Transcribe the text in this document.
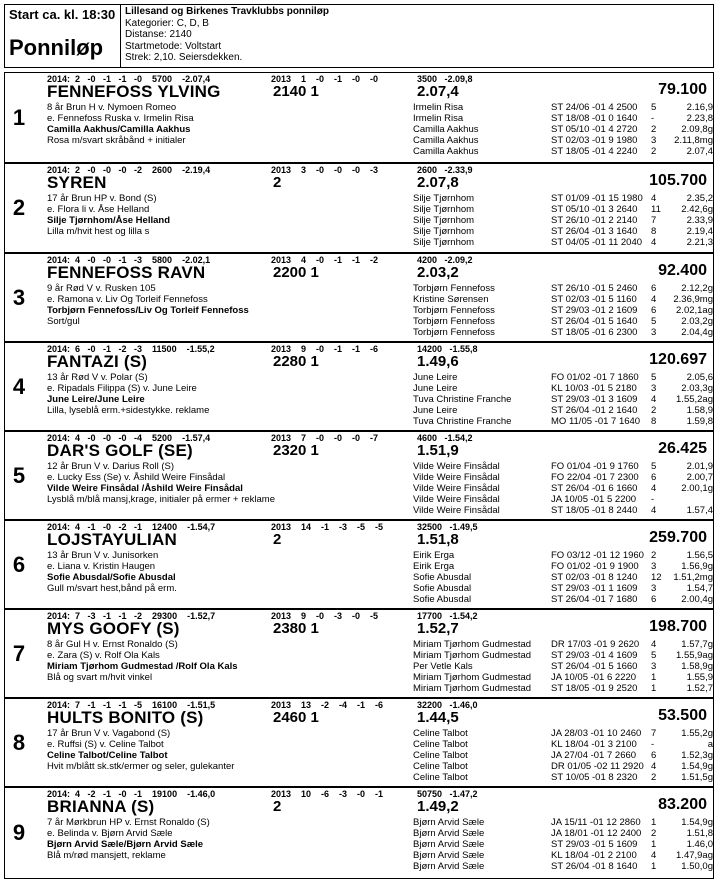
Start ca. kl. 18:30
Ponniløp
Lillesand og Birkenes Travklubbs ponniløp
Kategorier: C, D, B
Distanse: 2140
Startmetode: Voltstart
Strek: 2,10. Seiersdekken.
1
2014:  2   -0   -1   -1   -0    5700    -2.07,4	2013    1    -0    -1    -0    -0	3500   -2.09,8
FENNEFOSS YLVING	2140 1	2.07,4	79.100
8 år Brun H v. Nymoen Romeo
e. Fennefoss Ruska v. Irmelin Risa
Camilla Aakhus/Camilla Aakhus
Rosa m/svart skråbånd + initialer
Irmelin Risa	ST 24/06 -01 4 2500 5	2.16,9
Irmelin Risa	ST 18/08 -01 0 1640 -	2.23,8
Camilla Aakhus	ST 05/10 -01 4 2720 2	2.09,8g
Camilla Aakhus	ST 02/03 -01 9 1980 3 2.11,8mg
Camilla Aakhus	ST 18/05 -01 4 2240 2	2.07,4
2
2014:  2   -0   -0   -0   -2    2600    -2.19,4	2013    3    -0    -0    -0    -3	2600   -2.33,9
SYREN	2	2.07,8	105.700
17 år Brun HP v. Bond (S)
e. Flora li v. Åse Helland
Silje Tjørnhom/Åse Helland
Lilla m/hvit hest og lilla s
Silje Tjørnhom	ST 01/09 -01 15 1980 4	2.35,2
Silje Tjørnhom	ST 05/10 -01 3 2640 11 2.42,6g
Silje Tjørnhom	ST 26/10 -01 2 2140 7	2.33,9
Silje Tjørnhom	ST 26/04 -01 3 1640 8	2.19,4
Silje Tjørnhom	ST 04/05 -01 11 2040 4	2.21,3
3
2014:  4   -0   -0   -1   -3    5800    -2.02,1	2013    4    -0    -1    -1    -2	4200   -2.09,2
FENNEFOSS RAVN	2200 1	2.03,2	92.400
9 år Rød V v. Rusken 105
e. Ramona v. Liv Og Torleif Fennefoss
Torbjørn Fennefoss/Liv Og Torleif Fennefoss
Sort/gul
Torbjørn Fennefoss	ST 26/10 -01 5 2460 6	2.12,2g
Kristine Sørensen	ST 02/03 -01 5 1160 4 2.36,9mg
Torbjørn Fennefoss	ST 29/03 -01 2 1609 6 2.02,1ag
Torbjørn Fennefoss	ST 26/04 -01 5 1640 5	2.03,2g
Torbjørn Fennefoss	ST 18/05 -01 6 2300 3	2.04,4g
4
2014:  6   -0   -1   -2   -3    11500    -1.55,2	2013    9    -0    -1    -1    -6	14200   -1.55,8
FANTAZI (S)	2280 1	1.49,6	120.697
13 år Rød V v. Polar (S)
e. Ripadals Filippa (S) v. June Leire
June Leire/June Leire
Lilla, lyseblå erm.+sidestykke. reklame
June Leire	FO 01/02 -01 7 1860 5	2.05,6
June Leire	KL 10/03 -01 5 2180 3	2.03,3g
Tuva Christine Franche	ST 29/03 -01 3 1609 4 1.55,2ag
June Leire	ST 26/04 -01 2 1640 2	1.58,9
Tuva Christine Franche	MO 11/05 -01 7 1640 8	1.59,8
5
2014:  4   -0   -0   -0   -4    5200    -1.57,4	2013    7    -0    -0    -0    -7	4600   -1.54,2
DAR'S GOLF (SE)	2320 1	1.51,9	26.425
12 år Brun V v. Darius Roll (S)
e. Lucky Ess (Se) v. Åshild Weire Finsådal
Vilde Weire Finsådal /Åshild Weire Finsådal
Lysblå m/blå mansj,krage, initialer på ermer + reklame
Vilde Weire Finsådal	FO 01/04 -01 9 1760 5	2.01,9
Vilde Weire Finsådal	FO 22/04 -01 7 2300 6	2.00,7
Vilde Weire Finsådal	ST 26/04 -01 6 1660 4	2.00,1g
Vilde Weire Finsådal	JA 10/05 -01 5 2200 -
Vilde Weire Finsådal	ST 18/05 -01 8 2440 4	1.57,4
6
2014:  4   -1   -0   -2   -1    12400    -1.54,7	2013    14    -1    -3    -5    -5	32500   -1.49,5
LOJSTAYULIAN	2	1.51,8	259.700
13 år Brun V v. Junisorken
e. Liana v. Kristin Haugen
Sofie Abusdal/Sofie Abusdal
Gull m/svart hest,bånd på erm.
Eirik Erga	FO 03/12 -01 12 1960 2	1.56,5
Eirik Erga	FO 01/02 -01 9 1900 3	1.56,9g
Sofie Abusdal	ST 02/03 -01 8 1240 12 1.51,2mg
Sofie Abusdal	ST 29/03 -01 1 1609 3	1.54,7
Sofie Abusdal	ST 26/04 -01 7 1680 6	2.00,4g
7
2014:  7   -3   -1   -1   -2    29300    -1.52,7	2013    9    -0    -3    -0    -5	17700   -1.54,2
MYS GOOFY (S)	2380 1	1.52,7	198.700
8 år Gul H v. Ernst Ronaldo (S)
e. Zara (S) v. Rolf Ola Kals
Miriam Tjørhom Gudmestad /Rolf Ola Kals
Blå og svart m/hvit vinkel
Miriam Tjørhom Gudmestad DR 17/03 -01 9 2620 4	1.57,7g
Miriam Tjørhom Gudmestad ST 29/03 -01 4 1609 5 1.55,9ag
Per Vetle Kals	ST 26/04 -01 5 1660 3	1.58,9g
Miriam Tjørhom Gudmestad JA 10/05 -01 6 2220 1	1.55,9
Miriam Tjørhom Gudmestad ST 18/05 -01 9 2520 1	1.52,7
8
2014:  7   -1   -1   -1   -5    16100    -1.51,5	2013    13    -2    -4    -1    -6	32200   -1.46,0
HULTS BONITO (S)	2460 1	1.44,5	53.500
17 år Brun V v. Vagabond (S)
e. Ruffsi (S) v. Celine Talbot
Celine Talbot/Celine Talbot
Hvit m/blått sk.stk/ermer og seler, gulekanter
Celine Talbot	JA 28/03 -01 10 2460 7	1.55,2g
Celine Talbot	KL 18/04 -01 3 2100 -	a
Celine Talbot	JA 27/04 -01 7 2660 6	1.52,3g
Celine Talbot	DR 01/05 -02 11 2920 4	1.54,9g
Celine Talbot	ST 10/05 -01 8 2320 2	1.51,5g
9
2014:  4   -2   -1   -0   -1    19100    -1.46,0	2013    10    -6    -3    -0    -1	50750   -1.47,2
BRIANNA (S)	2	1.49,2	83.200
7 år Mørkbrun HP v. Ernst Ronaldo (S)
e. Belinda v. Bjørn Arvid Sæle
Bjørn Arvid Sæle/Bjørn Arvid Sæle
Blå m/rød mansjett, reklame
Bjørn Arvid Sæle	JA 15/11 -01 12 2860 1	1.54,9g
Bjørn Arvid Sæle	JA 18/01 -01 12 2400 2	1.51,8
Bjørn Arvid Sæle	ST 29/03 -01 5 1609 1	1.46,0
Bjørn Arvid Sæle	KL 18/04 -01 2 2100 4 1.47,9ag
Bjørn Arvid Sæle	ST 26/04 -01 8 1640 1	1.50,0g
